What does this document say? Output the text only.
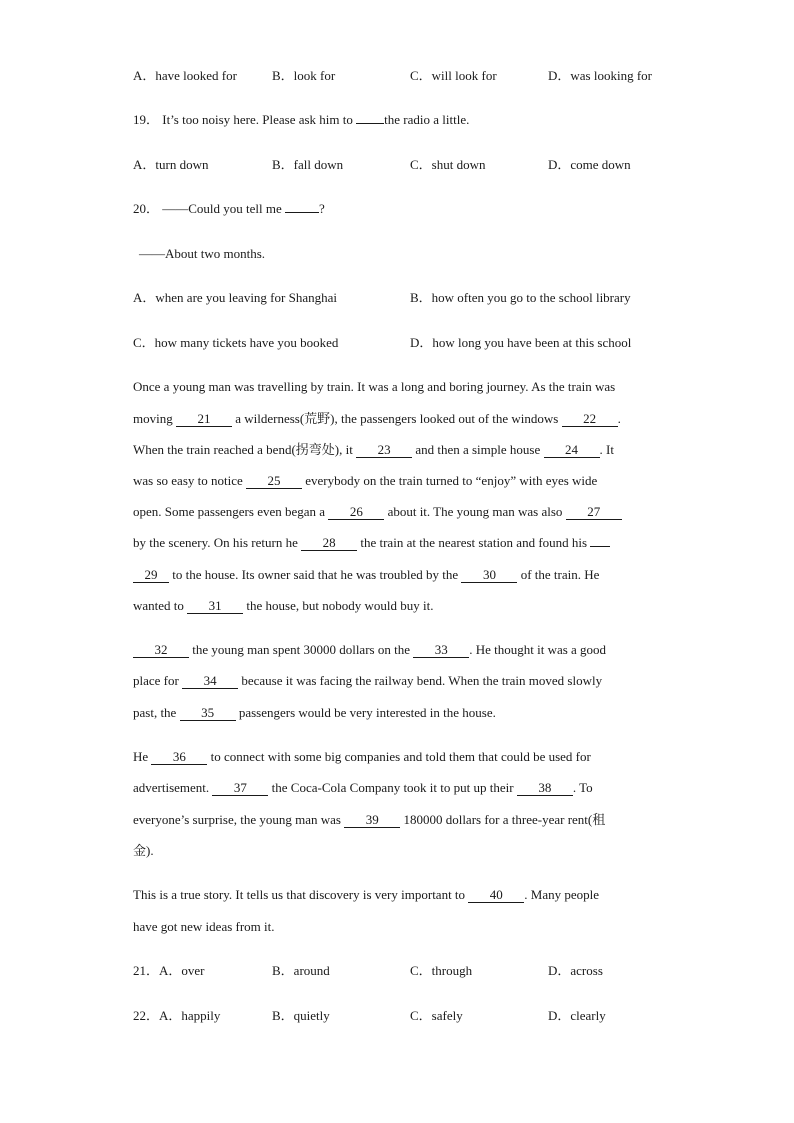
A．have looked for	B．look for	C．will look for	D．was looking for
19． It’s too noisy here. Please ask him to the radio a little.
A．turn down	B．fall down	C．shut down	D．come down
20． ——Could you tell me	?
——About two months.
A．when are you leaving for Shanghai	B．how often you go to the school library
C．how many tickets have you booked	D．how long you have been at this school
Once a young man was travelling by train. It was a long and boring journey. As the train was
moving 21 a wilderness(荒野), the passengers looked out of the windows 22 .
When the train reached a bend(拐弯处), it 23 and then a simple house 24 . It
was so easy to notice 25 everybody on the train turned to “enjoy” with eyes wide
open. Some passengers even began a 26 about it. The young man was also 27
by the scenery. On his return he 28 the train at the nearest station and found his
29 to the house. Its owner said that he was troubled by the 30 of the train. He
wanted to 31 the house, but nobody would buy it.
32 the young man spent 30000 dollars on the 33 . He thought it was a good
place for 34 because it was facing the railway bend. When the train moved slowly
past, the 35 passengers would be very interested in the house.
He 36 to connect with some big companies and told them that could be used for
advertisement. 37 the Coca-Cola Company took it to put up their 38 . To
everyone’s surprise, the young man was 39 180000 dollars for a three-year rent(租
金).
This is a true story. It tells us that discovery is very important to 40 . Many people
have got new ideas from it.
21．A．over	B．around	C．through	D．across
22．A．happily	B．quietly	C．safely	D．clearly
